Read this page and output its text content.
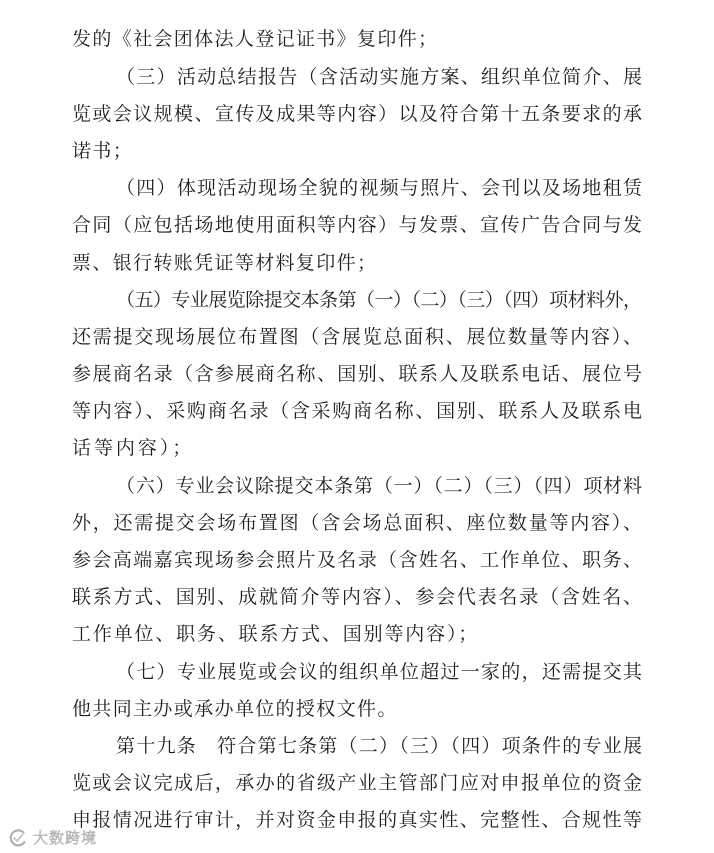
发的《社会团体法人登记证书》复印件；
（三）活动总结报告（含活动实施方案、组织单位简介、展
览或会议规模、宣传及成果等内容）以及符合第十五条要求的承
诺书；
（四）体现活动现场全貌的视频与照片、会刊以及场地租赁
合同（应包括场地使用面积等内容）与发票、宣传广告合同与发
票、银行转账凭证等材料复印件；
（五）专业展览除提交本条第（一）（二）（三）（四）项材料外，
还需提交现场展位布置图（含展览总面积、展位数量等内容）、
参展商名录（含参展商名称、国别、联系人及联系电话、展位号
等内容）、采购商名录（含采购商名称、国别、联系人及联系电
话等内容）；
（六）专业会议除提交本条第（一）（二）（三）（四）项材料
外，还需提交会场布置图（含会场总面积、座位数量等内容）、
参会高端嘉宾现场参会照片及名录（含姓名、工作单位、职务、
联系方式、国别、成就简介等内容）、参会代表名录（含姓名、
工作单位、职务、联系方式、国别等内容）；
（七）专业展览或会议的组织单位超过一家的，还需提交其
他共同主办或承办单位的授权文件。
第十九条　符合第七条第（二）（三）（四）项条件的专业展
览或会议完成后，承办的省级产业主管部门应对申报单位的资金
申报情况进行审计，并对资金申报的真实性、完整性、合规性等
大数跨境
